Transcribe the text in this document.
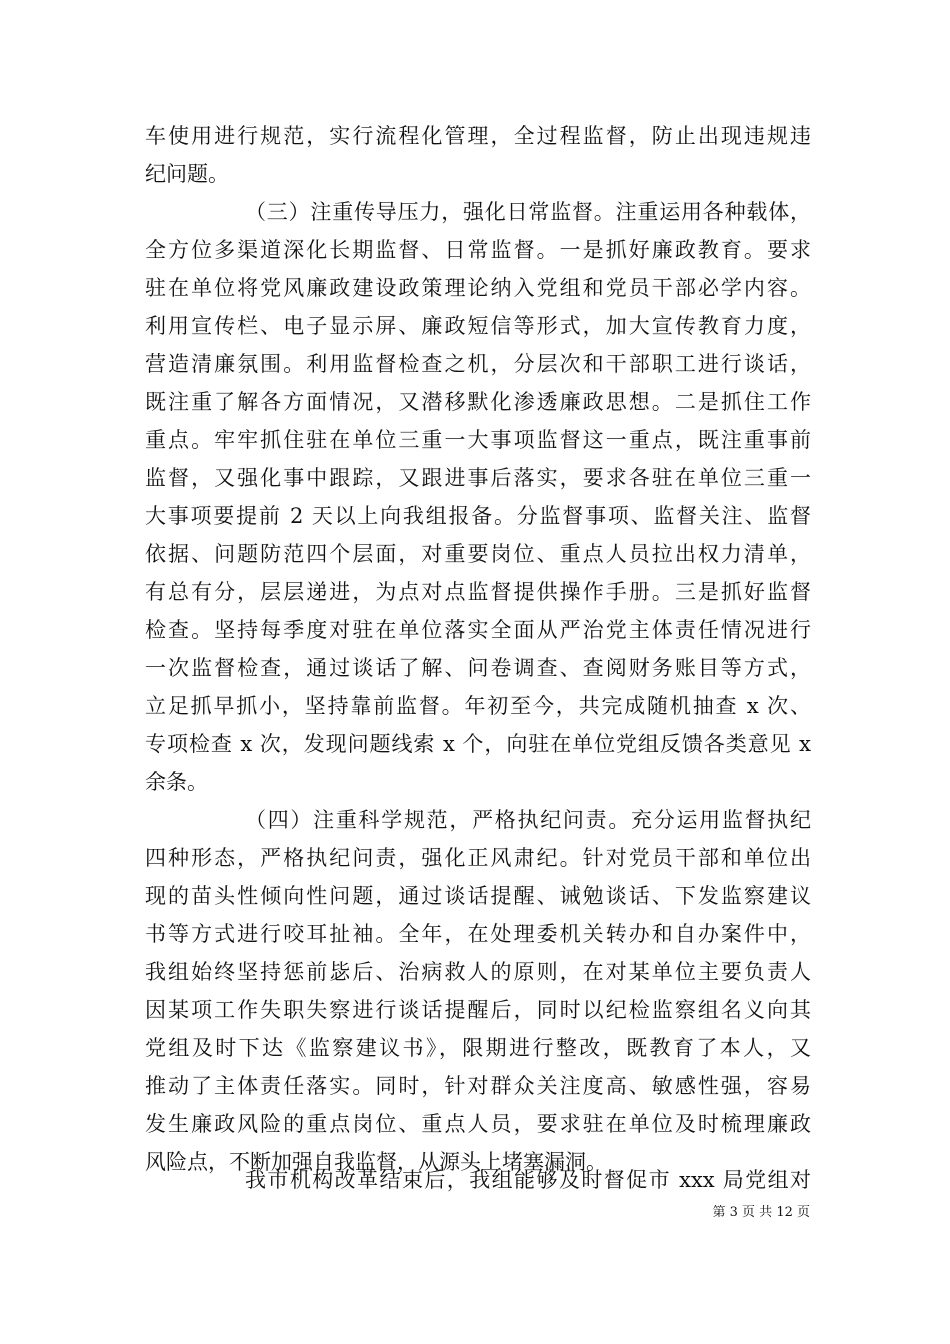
车使用进行规范，实行流程化管理，全过程监督，防止出现违规违
纪问题。
（三）注重传导压力，强化日常监督。注重运用各种载体，
全方位多渠道深化长期监督、日常监督。一是抓好廉政教育。要求
驻在单位将党风廉政建设政策理论纳入党组和党员干部必学内容。
利用宣传栏、电子显示屏、廉政短信等形式，加大宣传教育力度，
营造清廉氛围。利用监督检查之机，分层次和干部职工进行谈话，
既注重了解各方面情况，又潜移默化渗透廉政思想。二是抓住工作
重点。牢牢抓住驻在单位三重一大事项监督这一重点，既注重事前
监督，又强化事中跟踪，又跟进事后落实，要求各驻在单位三重一
大事项要提前 2 天以上向我组报备。分监督事项、监督关注、监督
依据、问题防范四个层面，对重要岗位、重点人员拉出权力清单，
有总有分，层层递进，为点对点监督提供操作手册。三是抓好监督
检查。坚持每季度对驻在单位落实全面从严治党主体责任情况进行
一次监督检查，通过谈话了解、问卷调查、查阅财务账目等方式，
立足抓早抓小，坚持靠前监督。年初至今，共完成随机抽查 x 次、
专项检查 x 次，发现问题线索 x 个，向驻在单位党组反馈各类意见 x
余条。
（四）注重科学规范，严格执纪问责。充分运用监督执纪
四种形态，严格执纪问责，强化正风肃纪。针对党员干部和单位出
现的苗头性倾向性问题，通过谈话提醒、诫勉谈话、下发监察建议
书等方式进行咬耳扯袖。全年，在处理委机关转办和自办案件中，
我组始终坚持惩前毖后、治病救人的原则，在对某单位主要负责人
因某项工作失职失察进行谈话提醒后，同时以纪检监察组名义向其
党组及时下达《监察建议书》，限期进行整改，既教育了本人，又
推动了主体责任落实。同时，针对群众关注度高、敏感性强，容易
发生廉政风险的重点岗位、重点人员，要求驻在单位及时梳理廉政
风险点，不断加强自我监督，从源头上堵塞漏洞。
我市机构改革结束后，我组能够及时督促市 xxx 局党组对
第 3 页 共 12 页
